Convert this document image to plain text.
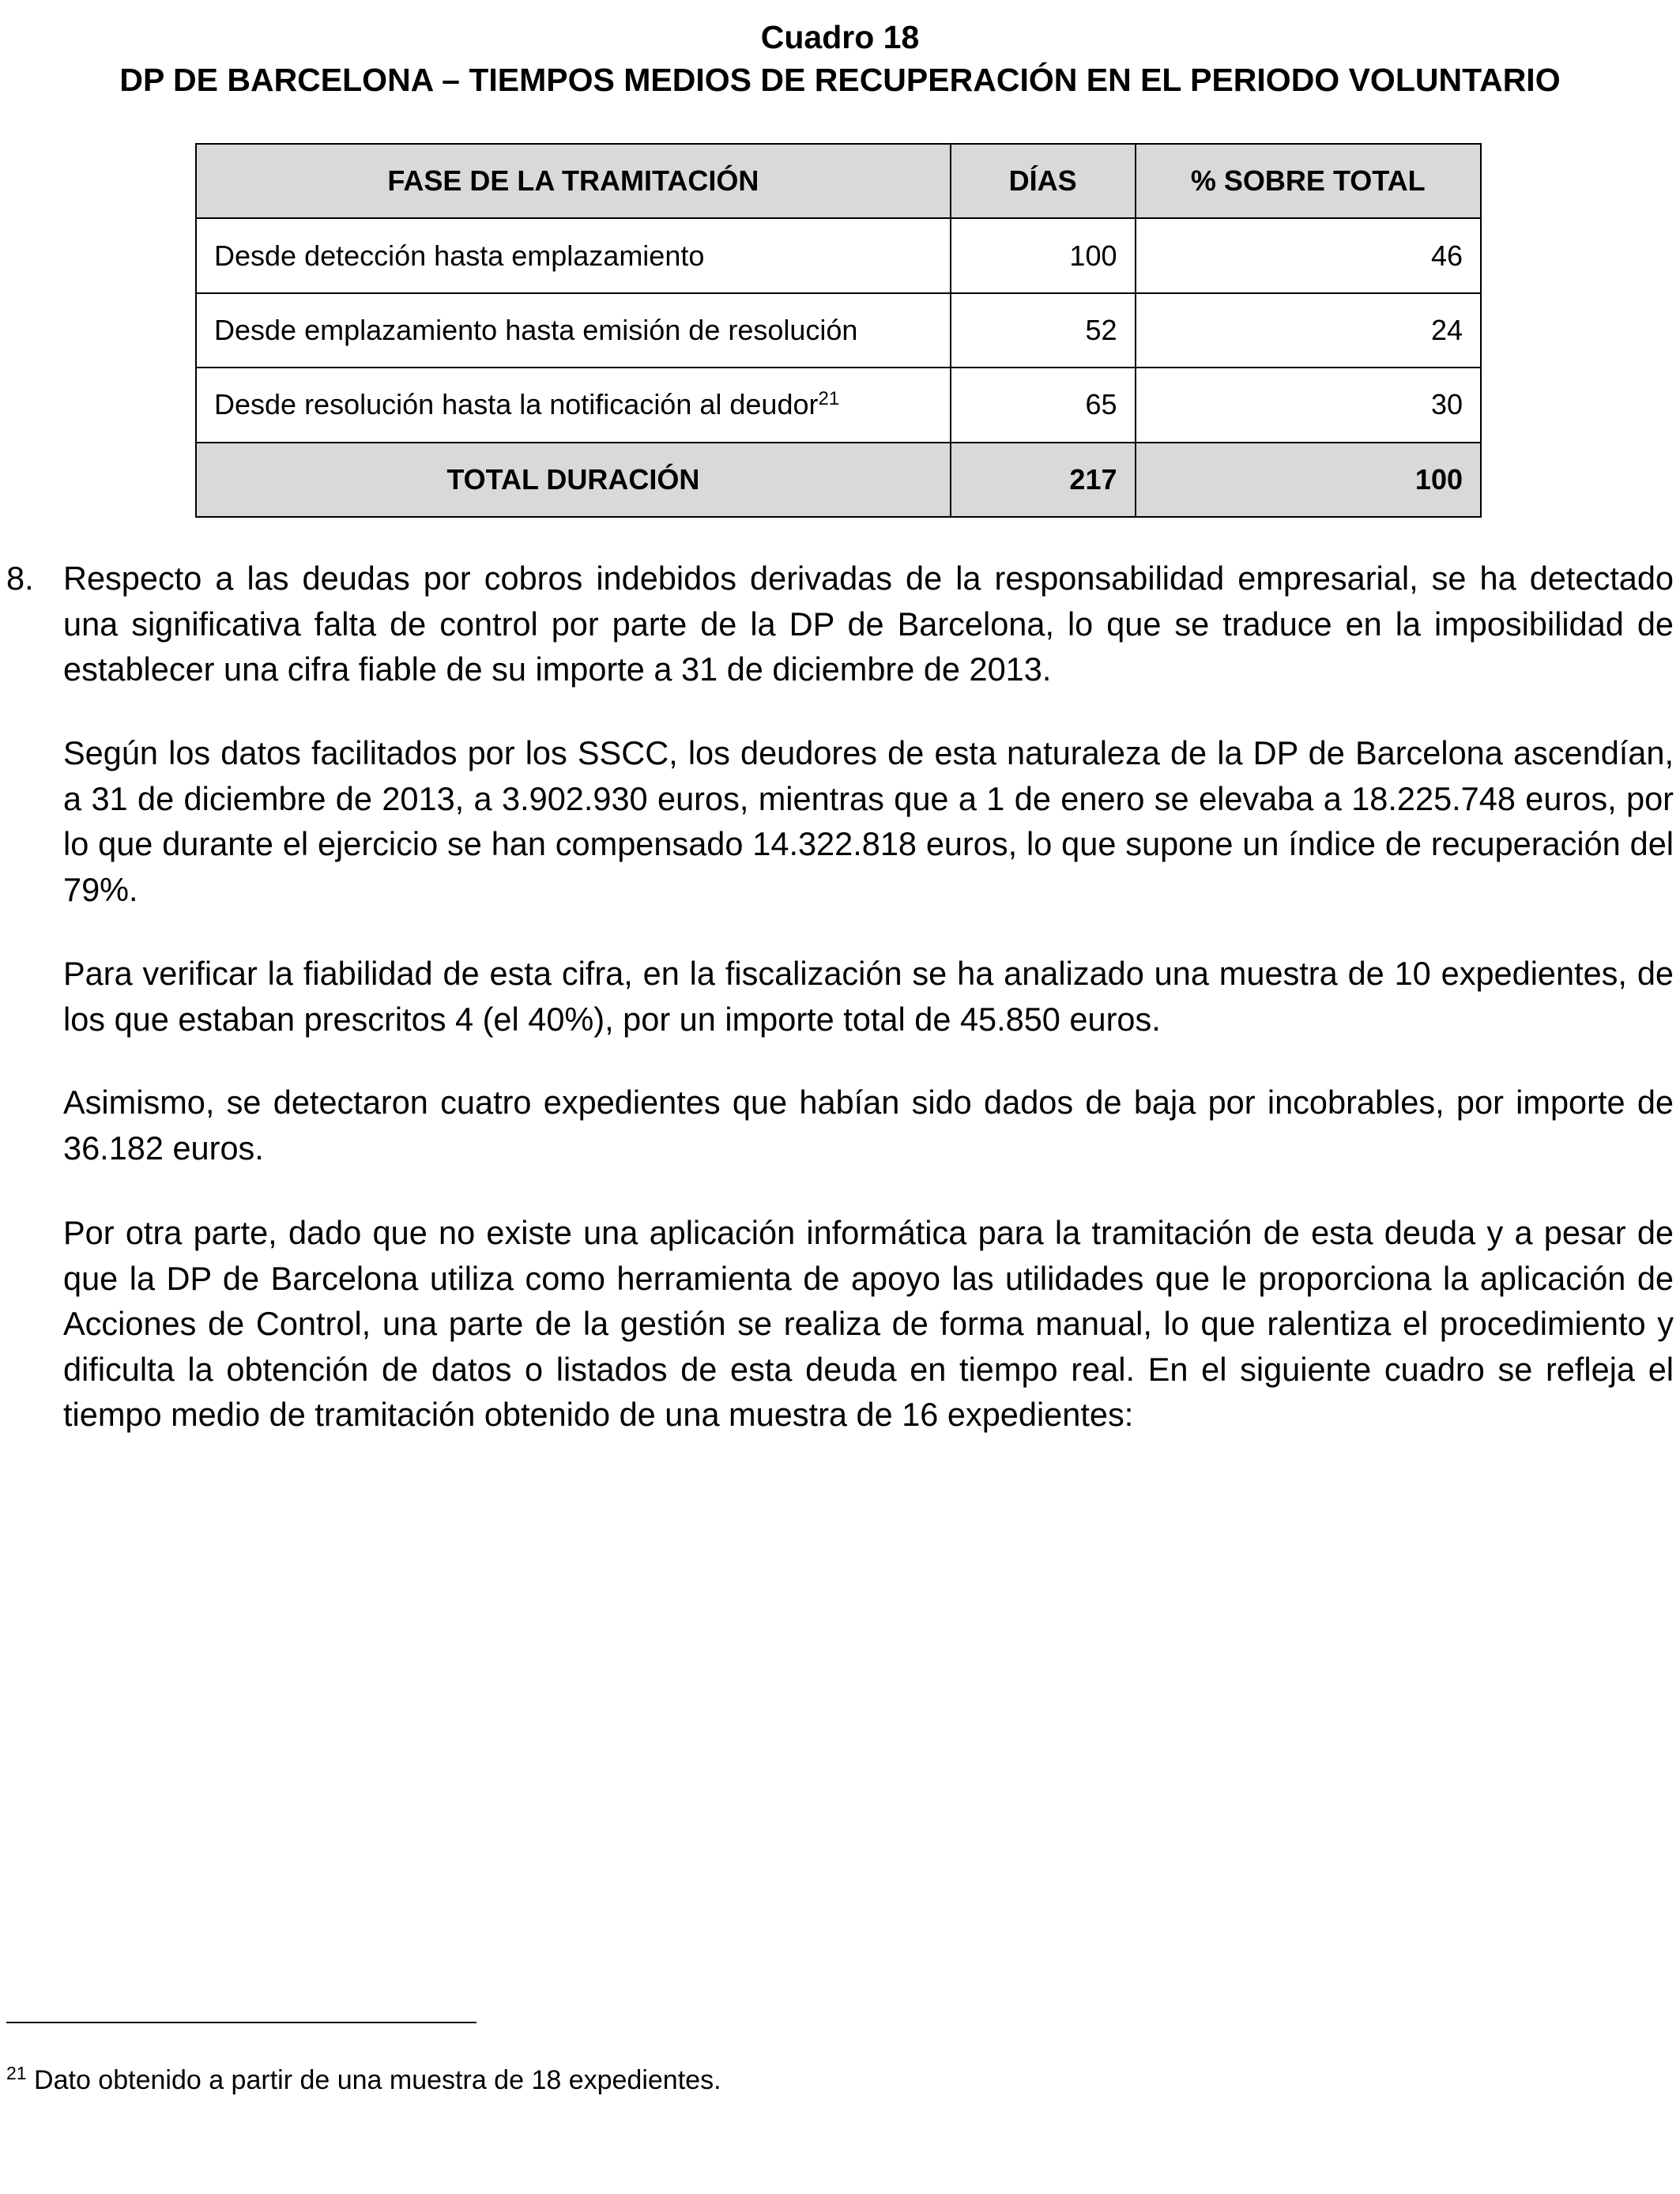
Cuadro 18
DP DE BARCELONA – TIEMPOS MEDIOS DE RECUPERACIÓN EN EL PERIODO VOLUNTARIO
FASE DE LA TRAMITACIÓN	DÍAS	% SOBRE TOTAL
Desde detección hasta emplazamiento	100	46
Desde emplazamiento hasta emisión de resolución	52	24
Desde resolución hasta la notificación al deudor$^{21}$	65	30
TOTAL DURACIÓN	217	100
8. Respecto a las deudas por cobros indebidos derivadas de la responsabilidad empresarial, se ha detectado una significativa falta de control por parte de la DP de Barcelona, lo que se traduce en la imposibilidad de establecer una cifra fiable de su importe a 31 de diciembre de 2013.

Según los datos facilitados por los SSCC, los deudores de esta naturaleza de la DP de Barcelona ascendían, a 31 de diciembre de 2013, a 3.902.930 euros, mientras que a 1 de enero se elevaba a 18.225.748 euros, por lo que durante el ejercicio se han compensado 14.322.818 euros, lo que supone un índice de recuperación del 79%.

Para verificar la fiabilidad de esta cifra, en la fiscalización se ha analizado una muestra de 10 expedientes, de los que estaban prescritos 4 (el 40%), por un importe total de 45.850 euros.

Asimismo, se detectaron cuatro expedientes que habían sido dados de baja por incobrables, por importe de 36.182 euros.

Por otra parte, dado que no existe una aplicación informática para la tramitación de esta deuda y a pesar de que la DP de Barcelona utiliza como herramienta de apoyo las utilidades que le proporciona la aplicación de Acciones de Control, una parte de la gestión se realiza de forma manual, lo que ralentiza el procedimiento y dificulta la obtención de datos o listados de esta deuda en tiempo real. En el siguiente cuadro se refleja el tiempo medio de tramitación obtenido de una muestra de 16 expedientes:

$^{21}$ Dato obtenido a partir de una muestra de 18 expedientes.
